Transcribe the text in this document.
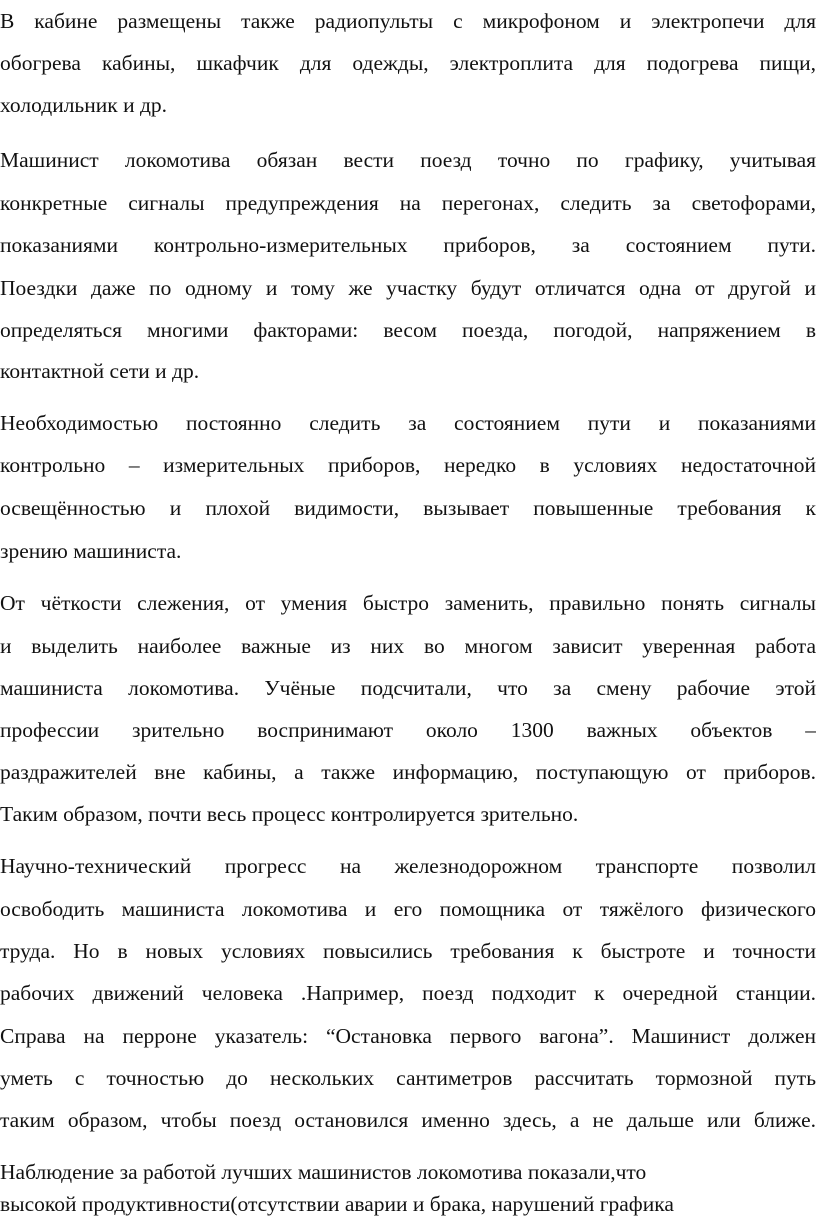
В кабине размещены также радиопульты с микрофоном и электропечи для
обогрева кабины, шкафчик для одежды, электроплита для подогрева пищи,
холодильник и др.
Машинист локомотива обязан вести поезд точно по графику, учитывая
конкретные сигналы предупреждения на перегонах, следить за светофорами,
показаниями контрольно-измерительных приборов, за состоянием пути.
Поездки даже по одному и тому же участку будут отличатся одна от другой и
определяться многими факторами: весом поезда, погодой, напряжением в
контактной сети и др.
Необходимостью постоянно следить за состоянием пути и показаниями
контрольно – измерительных приборов, нередко в условиях недостаточной
освещённостью и плохой видимости, вызывает повышенные требования к
зрению машиниста.
От чёткости слежения, от умения быстро заменить, правильно понять сигналы
и выделить наиболее важные из них во многом зависит уверенная работа
машиниста локомотива. Учёные подсчитали, что за смену рабочие этой
профессии зрительно воспринимают около 1300 важных объектов –
раздражителей вне кабины, а также информацию, поступающую от приборов.
Таким образом, почти весь процесс контролируется зрительно.
Научно-технический прогресс на железнодорожном транспорте позволил
освободить машиниста локомотива и его помощника от тяжёлого физического
труда. Но в новых условиях повысились требования к быстроте и точности
рабочих движений человека .Например, поезд подходит к очередной станции.
Справа на перроне указатель: “Остановка первого вагона”. Машинист должен
уметь с точностью до нескольких сантиметров рассчитать тормозной путь
таким образом, чтобы поезд остановился именно здесь, а не дальше или ближе.
Наблюдение за работой лучших машинистов локомотива показали,что
высокой продуктивности(отсутствии аварии и брака, нарушений графика
